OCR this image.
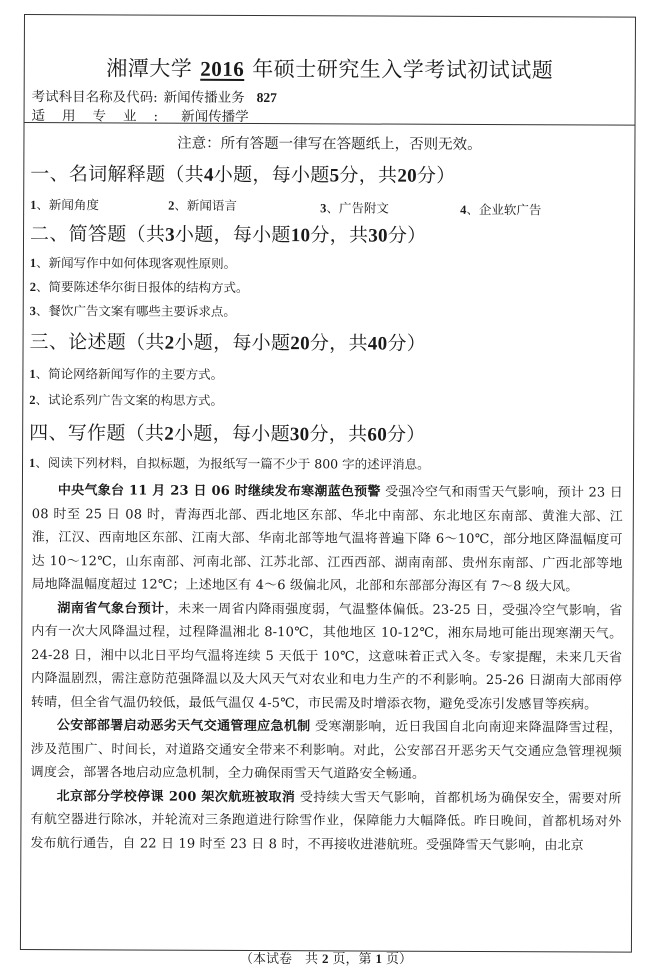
湘潭大学 2016 年硕士研究生入学考试初试试题
考试科目名称及代码: 新闻传播业务 827
适用专业: 新闻传播学
注意：所有答题一律写在答题纸上，否则无效。
一、名词解释题（共4小题，每小题5分，共20分）
1、新闻角度	2、新闻语言	3、广告附文	4、企业软广告
二、简答题（共3小题，每小题10分，共30分）
1、新闻写作中如何体现客观性原则。
2、简要陈述华尔街日报体的结构方式。
3、餐饮广告文案有哪些主要诉求点。
三、论述题（共2小题，每小题20分，共40分）
1、简论网络新闻写作的主要方式。
2、试论系列广告文案的构思方式。
四、写作题（共2小题，每小题30分，共60分）
1、阅读下列材料，自拟标题，为报纸写一篇不少于 800 字的述评消息。

中央气象台 11 月 23 日 06 时继续发布寒潮蓝色预警 受强冷空气和雨雪天气影响，预计 23 日 08 时至 25 日 08 时，青海西北部、西北地区东部、华北中南部、东北地区东南部、黄淮大部、江淮，江汉、西南地区东部、江南大部、华南北部等地气温将普遍下降 6～10℃，部分地区降温幅度可达 10～12℃，山东南部、河南北部、江苏北部、江西西部、湖南南部、贵州东南部、广西北部等地局地降温幅度超过 12℃；上述地区有 4～6 级偏北风，北部和东部部分海区有 7～8 级大风。

湖南省气象台预计，未来一周省内降雨强度弱，气温整体偏低。23-25 日，受强冷空气影响，省内有一次大风降温过程，过程降温湘北 8-10℃，其他地区 10-12℃，湘东局地可能出现寒潮天气。24-28 日，湘中以北日平均气温将连续 5 天低于 10℃，这意味着正式入冬。专家提醒，未来几天省内降温剧烈，需注意防范强降温以及大风天气对农业和电力生产的不利影响。25-26 日湖南大部雨停转晴，但全省气温仍较低，最低气温仅 4-5℃，市民需及时增添衣物，避免受冻引发感冒等疾病。

公安部部署启动恶劣天气交通管理应急机制 受寒潮影响，近日我国自北向南迎来降温降雪过程，涉及范围广、时间长，对道路交通安全带来不利影响。对此，公安部召开恶劣天气交通应急管理视频调度会，部署各地启动应急机制，全力确保雨雪天气道路安全畅通。

北京部分学校停课 200 架次航班被取消 受持续大雪天气影响，首都机场为确保安全，需要对所有航空器进行除冰，并轮流对三条跑道进行除雪作业，保障能力大幅降低。昨日晚间，首都机场对外发布航行通告，自 22 日 19 时至 23 日 8 时，不再接收进港航班。受强降雪天气影响，由北京

（本试卷　共 2 页，第 1 页）
